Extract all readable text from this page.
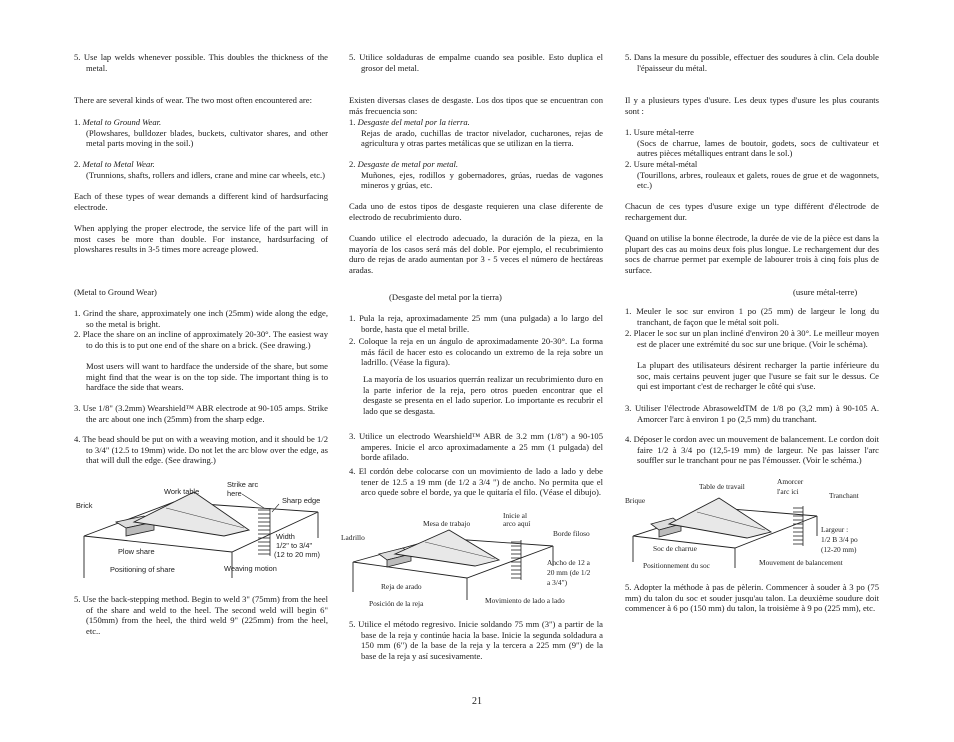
5. Use lap welds whenever possible. This doubles the thickness of the metal.

There are several kinds of wear. The two most often encountered are:

1. Metal to Ground Wear.
(Plowshares, bulldozer blades, buckets, cultivator shares, and other metal parts moving in the soil.)
2. Metal to Metal Wear.
(Trunnions, shafts, rollers and idlers, crane and mine car wheels, etc.)

Each of these types of wear demands a different kind of hardsurfacing electrode.

When applying the proper electrode, the service life of the part will in most cases be more than double. For instance, hardsurfacing of plowshares results in 3-5 times more acreage plowed.

(Metal to Ground Wear)

1. Grind the share, approximately one inch (25mm) wide along the edge, so the metal is bright.

2. Place the share on an incline of approximately 20-30°. The easiest way to do this is to put one end of the share on a brick. (See drawing.)

Most users will want to hardface the underside of the share, but some might find that the wear is on the top side. The important thing is to hardface the side that wears.

3. Use 1/8" (3.2mm) Wearshield™ ABR electrode at 90-105 amps. Strike the arc about one inch (25mm) from the sharp edge.

4. The bead should be put on with a weaving motion, and it should be 1/2 to 3/4" (12.5 to 19mm) wide. Do not let the arc blow over the edge, as that will dull the edge. (See drawing.)

Work table
Strike arc
here
Brick
Sharp edge
Width
1/2" to 3/4"
(12 to 20 mm)
Plow share
Positioning of share	Weaving motion

5. Use the back-stepping method. Begin to weld 3" (75mm) from the heel of the share and weld to the heel. The second weld will begin 6" (150mm) from the heel, the third weld 9" (225mm) from the heel, etc..

5. Utilice soldaduras de empalme cuando sea posible. Esto duplica el grosor del metal.

Existen diversas clases de desgaste. Los dos tipos que se encuentran con más frecuencia son:

1. Desgaste del metal por la tierra.
Rejas de arado, cuchillas de tractor nivelador, cucharones, rejas de agricultura y otras partes metálicas que se utilizan en la tierra.
2. Desgaste de metal por metal.
Muñones, ejes, rodillos y gobernadores, grúas, ruedas de vagones mineros y grúas, etc.

Cada uno de estos tipos de desgaste requieren una clase diferente de electrodo de recubrimiento duro.

Cuando utilice el electrodo adecuado, la duración de la pieza, en la mayoría de los casos será más del doble. Por ejemplo, el recubrimiento duro de rejas de arado aumentan por 3 - 5 veces el número de hectáreas aradas.

(Desgaste del metal por la tierra)

1. Pula la reja, aproximadamente 25 mm (una pulgada) a lo largo del borde, hasta que el metal brille.

2. Coloque la reja en un ángulo de aproximadamente 20-30°. La forma más fácil de hacer esto es colocando un extremo de la reja sobre un ladrillo. (Véase la figura).

La mayoría de los usuarios querrán realizar un recubrimiento duro en la parte inferior de la reja, pero otros pueden encontrar que el desgaste se presenta en el lado superior. Lo importante es recubrir el lado que se desgasta.

3. Utilice un electrodo Wearshield™ ABR de 3.2 mm (1/8") a 90-105 amperes. Inicie el arco aproximadamente a 25 mm (1 pulgada) del borde afilado.

4. El cordón debe colocarse con un movimiento de lado a lado y debe tener de 12.5 a 19 mm (de 1/2 a 3/4 ") de ancho. No permita que el arco quede sobre el borde, ya que le quitaría el filo. (Véase el dibujo).

Ladrillo
Mesa de trabajo
Inicie al
arco aquí
Borde filoso
Ancho de 12 a
20 mm (de 1/2
a 3/4")
Reja de arado
Posición de la reja	Movimiento de lado a lado

5. Utilice el método regresivo. Inicie soldando 75 mm (3") a partir de la base de la reja y continúe hacia la base. Inicie la segunda soldadura a 150 mm (6") de la base de la reja y la tercera a 225 mm (9") de la base de la reja y así sucesivamente.

5. Dans la mesure du possible, effectuer des soudures à clin. Cela double l'épaisseur du métal.

Il y a plusieurs types d'usure. Les deux types d'usure les plus courants sont :

1. Usure métal-terre
(Socs de charrue, lames de boutoir, godets, socs de cultivateur et autres pièces métalliques entrant dans le sol.)
2. Usure métal-métal
(Tourillons, arbres, rouleaux et galets, roues de grue et de wagonnets, etc.)

Chacun de ces types d'usure exige un type différent d'électrode de rechargement dur.

Quand on utilise la bonne électrode, la durée de vie de la pièce est dans la plupart des cas au moins deux fois plus longue. Le rechargement dur des socs de charrue permet par exemple de labourer trois à cinq fois plus de surface.

(usure métal-terre)

1. Meuler le soc sur environ 1 po (25 mm) de largeur le long du tranchant, de façon que le métal soit poli.

2. Placer le soc sur un plan incliné d'environ 20 à 30°. Le meilleur moyen est de placer une extrémité du soc sur une brique. (Voir le schéma).

La plupart des utilisateurs désirent recharger la partie inférieure du soc, mais certains peuvent juger que l'usure se fait sur le dessus. Ce qui est important c'est de recharger le côté qui s'use.

3. Utiliser l'électrode AbrasoweldTM de 1/8 po (3,2 mm) à 90-105 A. Amorcer l'arc à environ 1 po (2,5 mm) du tranchant.

4. Déposer le cordon avec un mouvement de balancement. Le cordon doit faire 1/2 à 3/4 po (12,5-19 mm) de largeur. Ne pas laisser l'arc souffler sur le tranchant pour ne pas l'émousser. (Voir le schéma.)

Table de travail
Amorcer
l'arc ici
Brique
Tranchant
Largeur :
1/2 B 3/4 po
(12-20 mm)
Soc de charrue
Positionnement du soc	Mouvement de balancement

5. Adopter la méthode à pas de pèlerin. Commencer à souder à 3 po (75 mm) du talon du soc et souder jusqu'au talon. La deuxième soudure doit commencer à 6 po (150 mm) du talon, la troisième à 9 po (225 mm), etc.

21
